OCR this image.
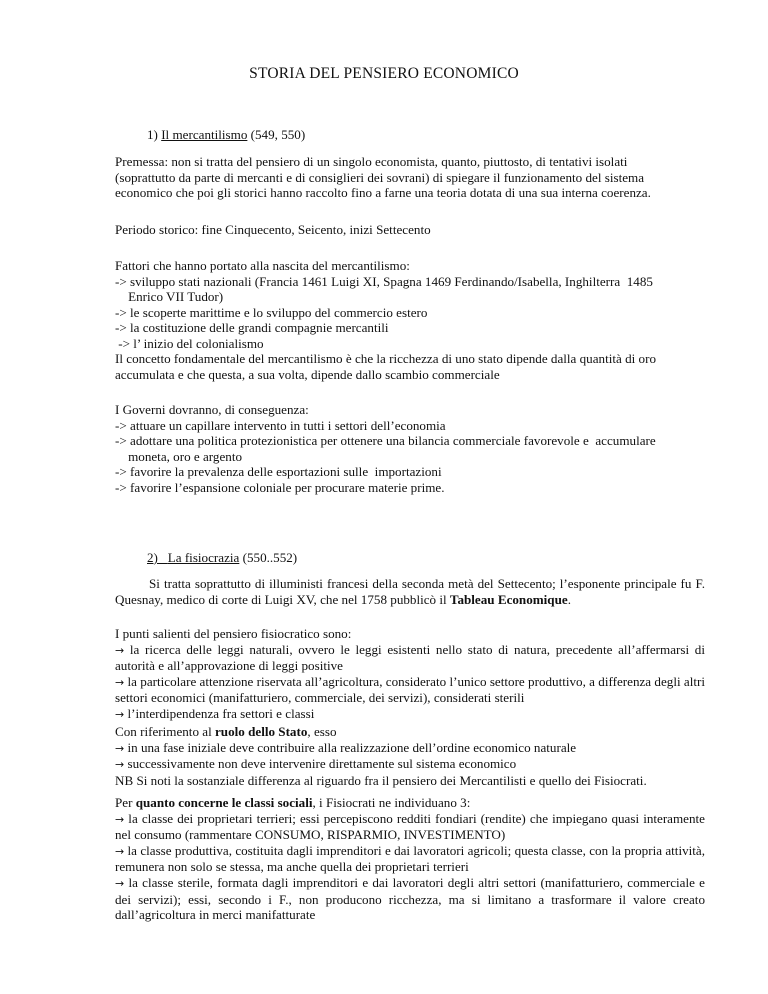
STORIA DEL PENSIERO ECONOMICO
1) Il mercantilismo (549, 550)
Premessa: non si tratta del pensiero di un singolo economista, quanto, piuttosto, di tentativi isolati
(soprattutto da parte di mercanti e di consiglieri dei sovrani) di spiegare il funzionamento del sistema
economico che poi gli storici hanno raccolto fino a farne una teoria dotata di una sua interna coerenza.
Periodo storico: fine Cinquecento, Seicento, inizi Settecento
Fattori che hanno portato alla nascita del mercantilismo:
-> sviluppo stati nazionali (Francia 1461 Luigi XI, Spagna 1469 Ferdinando/Isabella, Inghilterra  1485
Enrico VII Tudor)
-> le scoperte marittime e lo sviluppo del commercio estero
-> la costituzione delle grandi compagnie mercantili
-> l’ inizio del colonialismo
Il concetto fondamentale del mercantilismo è che la ricchezza di uno stato dipende dalla quantità di oro
accumulata e che questa, a sua volta, dipende dallo scambio commerciale
I Governi dovranno, di conseguenza:
-> attuare un capillare intervento in tutti i settori dell’economia
-> adottare una politica protezionistica per ottenere una bilancia commerciale favorevole e  accumulare
moneta, oro e argento
-> favorire la prevalenza delle esportazioni sulle  importazioni
-> favorire l’espansione coloniale per procurare materie prime.
2)   La fisiocrazia (550..552)
Si tratta soprattutto di illuministi francesi della seconda metà del Settecento; l’esponente principale fu F. Quesnay, medico di corte di Luigi XV, che nel 1758 pubblicò il Tableau Economique.
I punti salienti del pensiero fisiocratico sono:
→ la ricerca delle leggi naturali, ovvero le leggi esistenti nello stato di natura, precedente all’affermarsi di autorità e all’approvazione di leggi positive
→ la particolare attenzione riservata all’agricoltura, considerato l’unico settore produttivo, a differenza degli altri settori economici (manifatturiero, commerciale, dei servizi), considerati sterili
→ l’interdipendenza fra settori e classi
Con riferimento al ruolo dello Stato, esso
→ in una fase iniziale deve contribuire alla realizzazione dell’ordine economico naturale
→ successivamente non deve intervenire direttamente sul sistema economico
NB Si noti la sostanziale differenza al riguardo fra il pensiero dei Mercantilisti e quello dei Fisiocrati.
Per quanto concerne le classi sociali, i Fisiocrati ne individuano 3:
→ la classe dei proprietari terrieri; essi percepiscono redditi fondiari (rendite) che impiegano quasi interamente nel consumo (rammentare CONSUMO, RISPARMIO, INVESTIMENTO)
→ la classe produttiva, costituita dagli imprenditori e dai lavoratori agricoli; questa classe, con la propria attività, remunera non solo se stessa, ma anche quella dei proprietari terrieri
→ la classe sterile, formata dagli imprenditori e dai lavoratori degli altri settori (manifatturiero, commerciale e dei servizi); essi, secondo i F., non producono ricchezza, ma si limitano a trasformare il valore creato dall’agricoltura in merci manifatturate
